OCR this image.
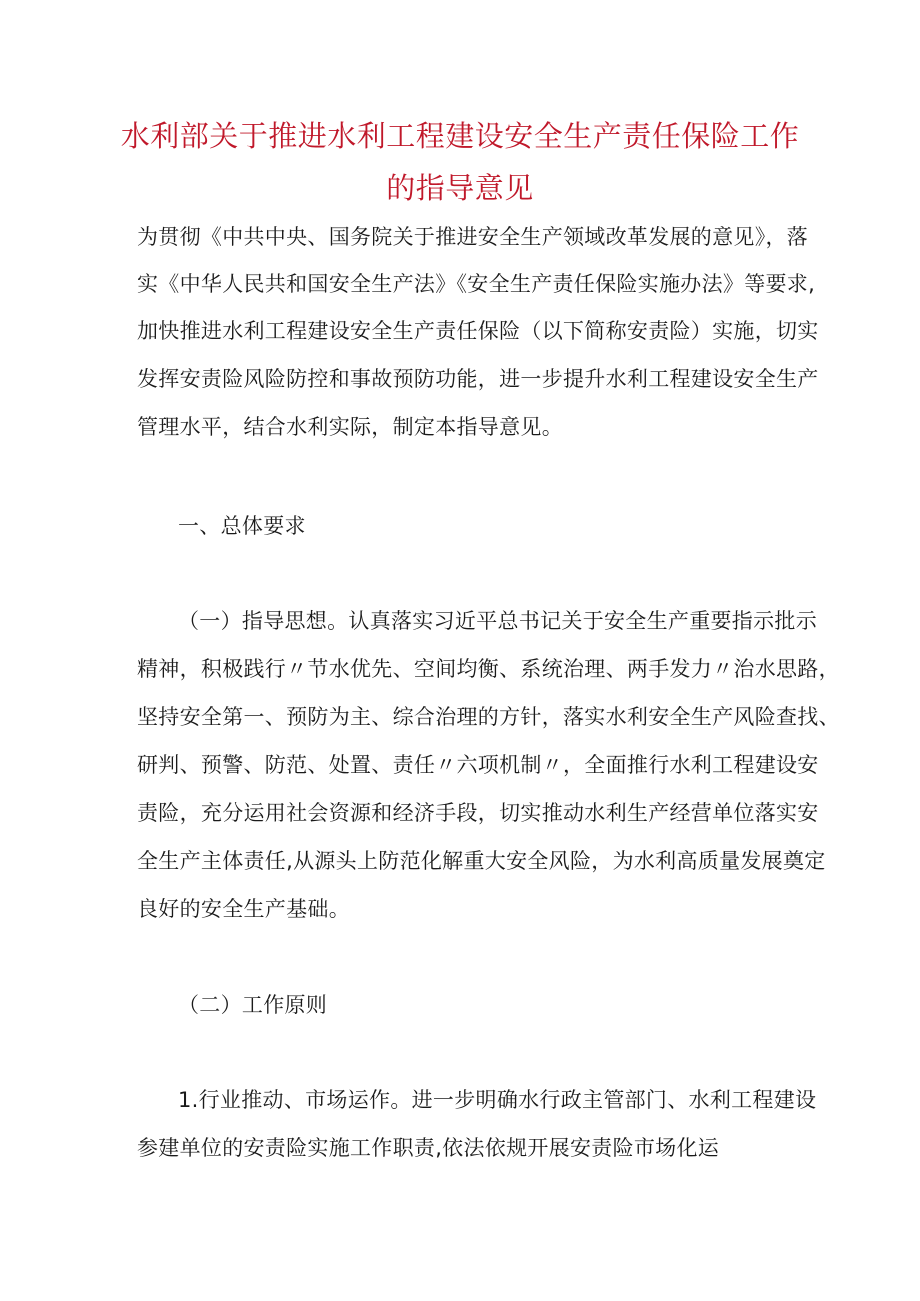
水利部关于推进水利工程建设安全生产责任保险工作
的指导意见
为贯彻《中共中央、国务院关于推进安全生产领域改革发展的意见》，落
实《中华人民共和国安全生产法》《安全生产责任保险实施办法》等要求,
加快推进水利工程建设安全生产责任保险（以下简称安责险）实施，切实
发挥安责险风险防控和事故预防功能，进一步提升水利工程建设安全生产
管理水平，结合水利实际，制定本指导意见。
一、总体要求
（一）指导思想。认真落实习近平总书记关于安全生产重要指示批示
精神，积极践行〃节水优先、空间均衡、系统治理、两手发力〃治水思路，
坚持安全第一、预防为主、综合治理的方针，落实水利安全生产风险查找、
研判、预警、防范、处置、责任〃六项机制〃，全面推行水利工程建设安
责险，充分运用社会资源和经济手段，切实推动水利生产经营单位落实安
全生产主体责任,从源头上防范化解重大安全风险，为水利高质量发展奠定
良好的安全生产基础。
（二）工作原则
1.行业推动、市场运作。进一步明确水行政主管部门、水利工程建设
参建单位的安责险实施工作职责,依法依规开展安责险市场化运
